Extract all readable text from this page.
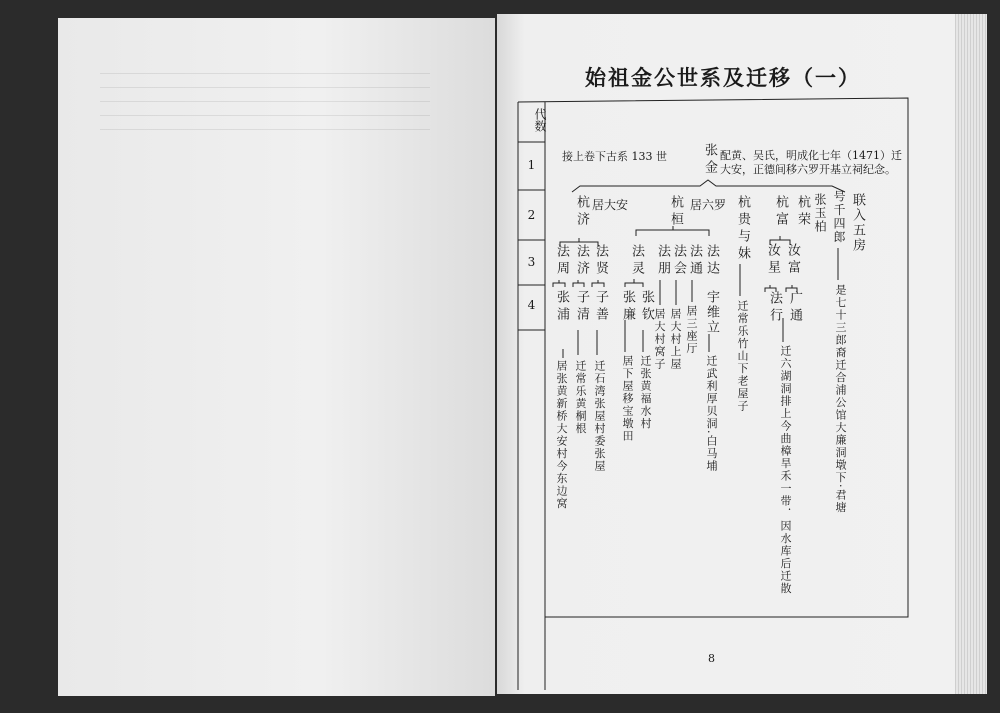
始祖金公世系及迁移（一）
代数
1
2
3
4
接上卷下古系 133 世	张金 配黄、吴氏，明成化七年（1471）迁
大安，正德间移六罗开基立祠纪念。
杭济 居大安	杭桓 居六罗 杭贵与妹
迁常乐竹山下老屋子
杭富
汝星 汝富
法行 广通
迁六湖洞排上今曲樟旱禾一带．因水库后迁散
杭荣 张玉柏 号千四郎
是七十三郎裔迁合浦公馆大廉洞墩下·君塘
联入五房
法周 法济 法贤
张浦 子清 子善
居张黄新桥大安村今东边窝 迁常乐黄桐根 迁石湾张屋村委张屋
法灵
张廉 张钦
居下屋移宝墩田 迁张黄福水村
法朋
居大村窝子
法会
居大村上屋
法通
居三座厅
法达
宇维立
迁武利厚贝洞.白马埔
8
